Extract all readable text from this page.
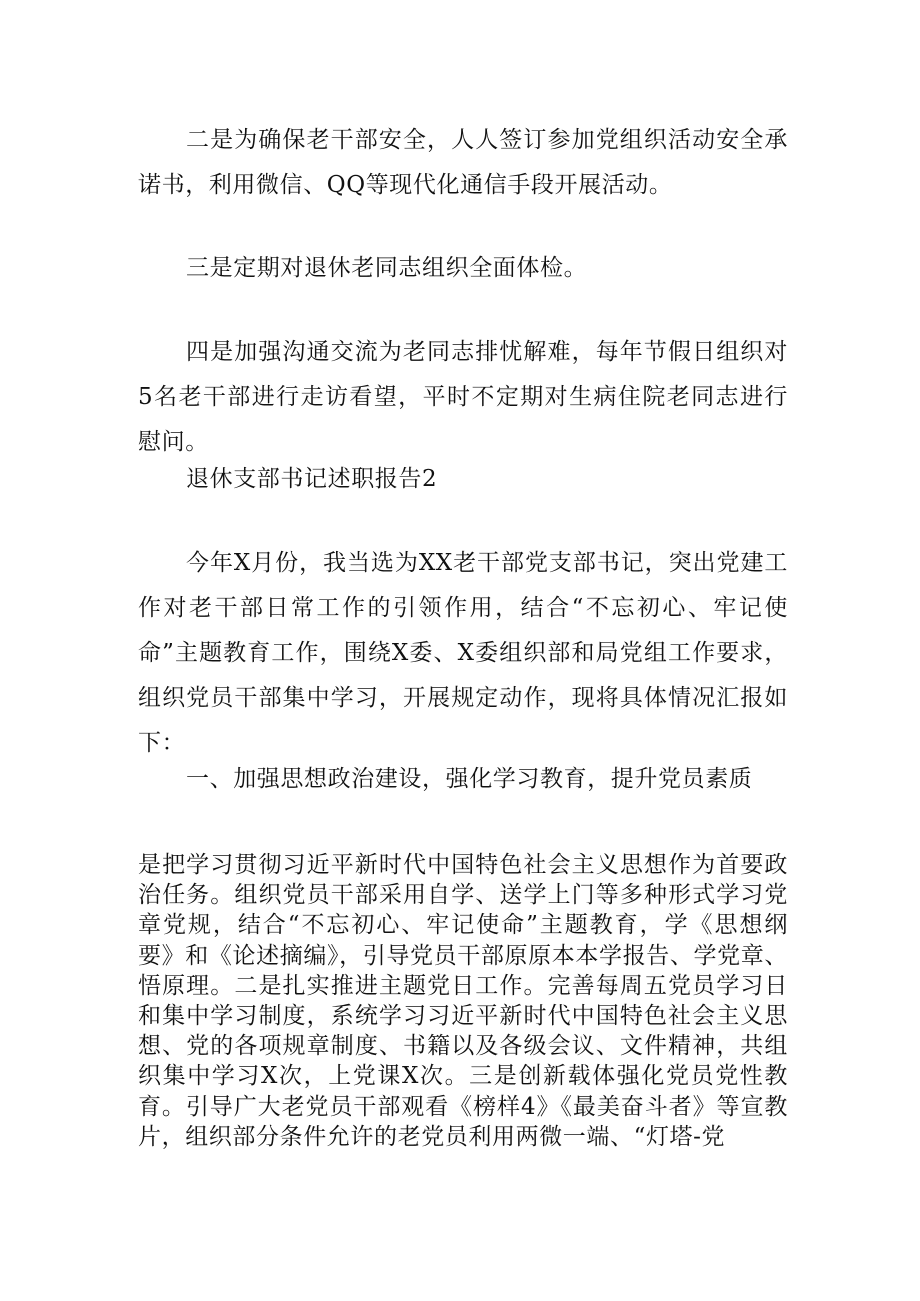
二是为确保老干部安全，人人签订参加党组织活动安全承诺书，利用微信、QQ等现代化通信手段开展活动。

三是定期对退休老同志组织全面体检。

四是加强沟通交流为老同志排忧解难，每年节假日组织对5名老干部进行走访看望，平时不定期对生病住院老同志进行慰问。

退休支部书记述职报告2

今年X月份，我当选为XX老干部党支部书记，突出党建工作对老干部日常工作的引领作用，结合“不忘初心、牢记使命”主题教育工作，围绕X委、X委组织部和局党组工作要求，组织党员干部集中学习，开展规定动作，现将具体情况汇报如下：

一、加强思想政治建设，强化学习教育，提升党员素质

是把学习贯彻习近平新时代中国特色社会主义思想作为首要政治任务。组织党员干部采用自学、送学上门等多种形式学习党章党规，结合“不忘初心、牢记使命”主题教育，学《思想纲要》和《论述摘编》，引导党员干部原原本本学报告、学党章、悟原理。二是扎实推进主题党日工作。完善每周五党员学习日和集中学习制度，系统学习习近平新时代中国特色社会主义思想、党的各项规章制度、书籍以及各级会议、文件精神，共组织集中学习X次，上党课X次。三是创新载体强化党员党性教育。引导广大老党员干部观看《榜样4》《最美奋斗者》等宣教片，组织部分条件允许的老党员利用两微一端、“灯塔-党
